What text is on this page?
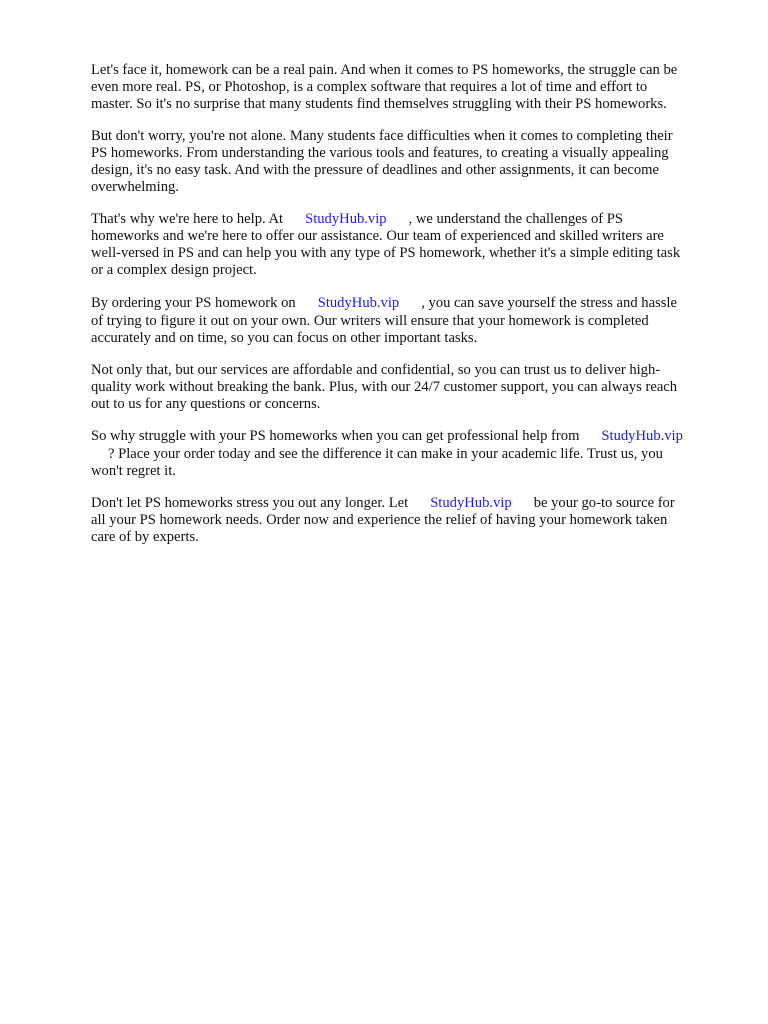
Let's face it, homework can be a real pain. And when it comes to PS homeworks, the struggle can be

even more real. PS, or Photoshop, is a complex software that requires a lot of time and effort to

master. So it's no surprise that many students find themselves struggling with their PS homeworks.

But don't worry, you're not alone. Many students face difficulties when it comes to completing their

PS homeworks. From understanding the various tools and features, to creating a visually appealing

design, it's no easy task. And with the pressure of deadlines and other assignments, it can become

overwhelming.

That's why we're here to help. At StudyHub.vip , we understand the challenges of PS

homeworks and we're here to offer our assistance. Our team of experienced and skilled writers are

well-versed in PS and can help you with any type of PS homework, whether it's a simple editing task

or a complex design project.

By ordering your PS homework on StudyHub.vip , you can save yourself the stress and hassle

of trying to figure it out on your own. Our writers will ensure that your homework is completed

accurately and on time, so you can focus on other important tasks.

Not only that, but our services are affordable and confidential, so you can trust us to deliver high-

quality work without breaking the bank. Plus, with our 24/7 customer support, you can always reach

out to us for any questions or concerns.

So why struggle with your PS homeworks when you can get professional help from StudyHub.vip

? Place your order today and see the difference it can make in your academic life. Trust us, you

won't regret it.

Don't let PS homeworks stress you out any longer. Let StudyHub.vip be your go-to source for

all your PS homework needs. Order now and experience the relief of having your homework taken

care of by experts.
